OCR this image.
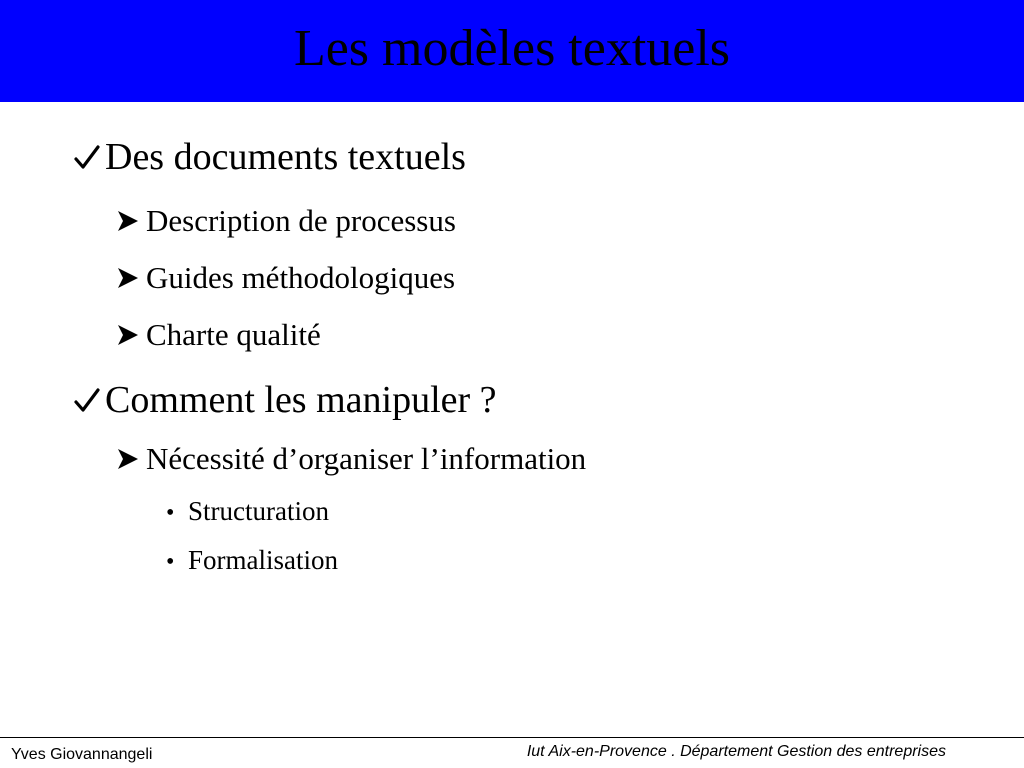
Les modèles textuels
Des documents textuels
Description de processus
Guides méthodologiques
Charte qualité
Comment les manipuler ?
Nécessité d’organiser l’information
• Structuration
• Formalisation
Yves Giovannangeli	Iut Aix-en-Provence . Département Gestion des entreprises
